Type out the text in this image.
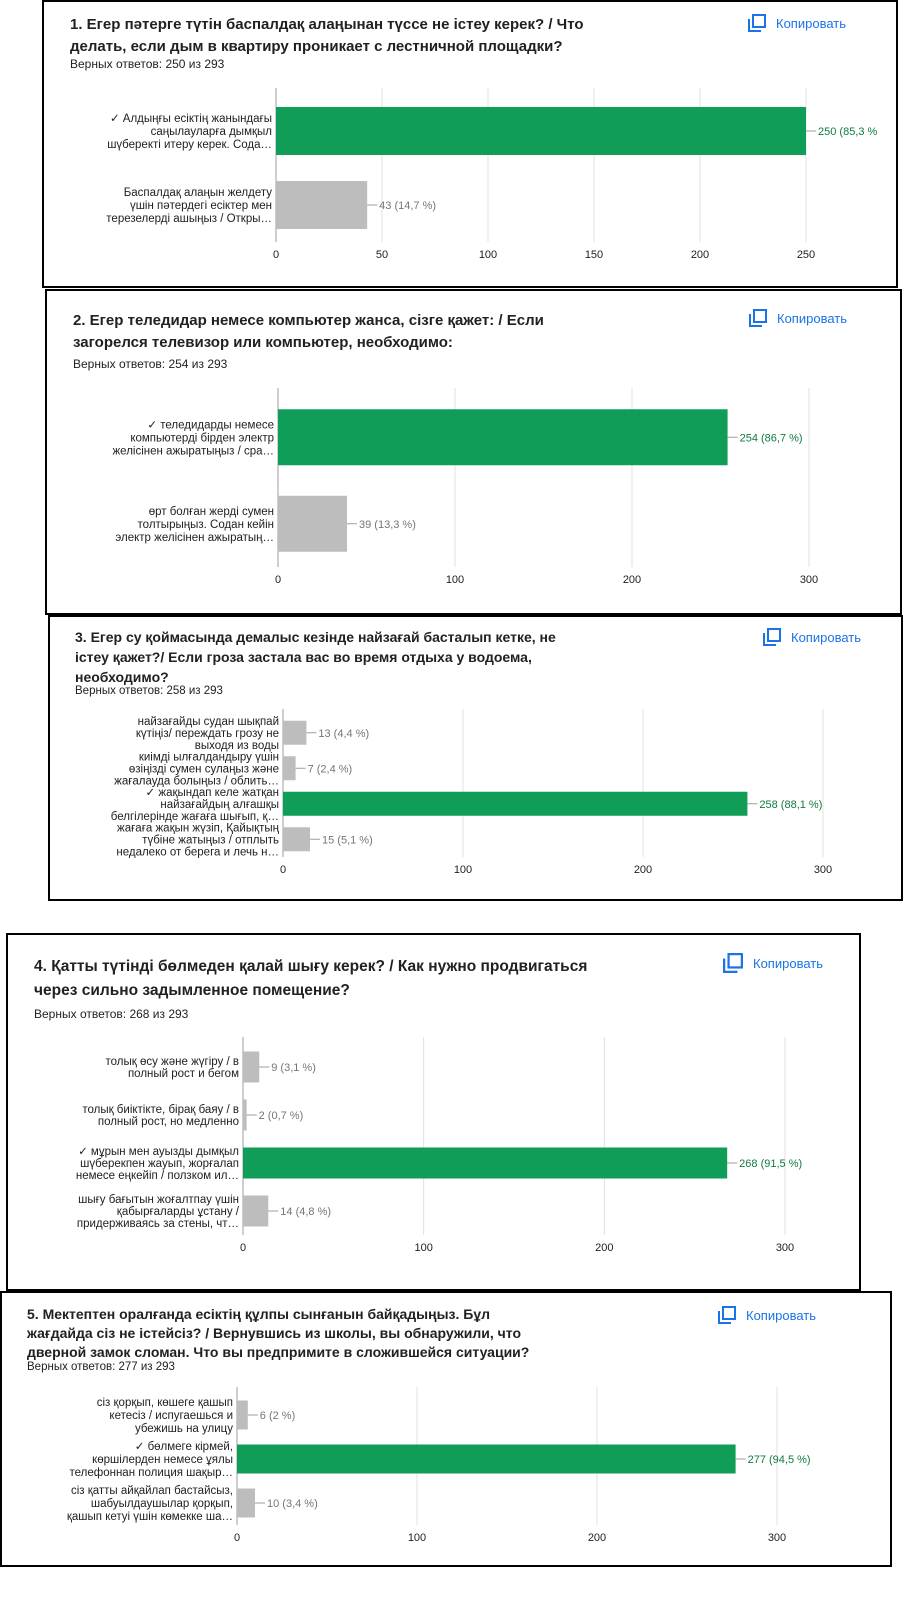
1. Егер пәтерге түтін баспалдақ алаңынан түссе не істеу керек? / Что
делать, если дым в квартиру проникает с лестничной площадки?

Верных ответов: 250 из 293
Копировать
0	50	100	150	200	250
250 (85,3 %
✓ Алдыңғы есіктің жанындағы саңылауларға дымқыл шүберекті итеру керек. Сода…
43 (14,7 %)
Баспалдақ алаңын желдету үшін пәтердегі есіктер мен терезелерді ашыңыз / Откры…

2. Егер теледидар немесе компьютер жанса, сізге қажет: / Если
загорелся телевизор или компьютер, необходимо:

Верных ответов: 254 из 293
Копировать
0	100	200	300
254 (86,7 %)
✓ теледидарды немесе компьютерді бірден электр желісінен ажыратыңыз / сра…
39 (13,3 %)
өрт болған жерді сумен толтырыңыз. Содан кейін электр желісінен ажыратың…

3. Егер су қоймасында демалыс кезінде найзағай басталып кетке, не
істеу қажет?/ Если гроза застала вас во время отдыха у водоема,
необходимо?

Верных ответов: 258 из 293
Копировать
0	100	200	300
13 (4,4 %)
найзағайды судан шықпай күтіңіз/ переждать грозу не выходя из воды
7 (2,4 %)
киімді ылғалдандыру үшін өзіңізді сумен сулаңыз және жағалауда болыңыз / облить…
258 (88,1 %)
✓ жақындап келе жатқан найзағайдың алғашқы белгілерінде жағаға шығып, қ…
15 (5,1 %)
жағаға жақын жүзіп, Қайықтың түбіне жатыңыз / отплыть недалеко от берега и лечь н…

4. Қатты түтінді бөлмеден қалай шығу керек? / Как нужно продвигаться
через сильно задымленное помещение?

Верных ответов: 268 из 293
Копировать
0	100	200	300
9 (3,1 %)
толық өсу және жүгіру / в полный рост и бегом
2 (0,7 %)
толық биіктікте, бірақ баяу / в полный рост, но медленно
268 (91,5 %)
✓ мұрын мен ауызды дымқыл шүберекпен жауып, жорғалап немесе еңкейіп / ползком ил…
14 (4,8 %)
шығу бағытын жоғалтпау үшін қабырғаларды ұстану / придерживаясь за стены, чт…

5. Мектептен оралғанда есіктің құлпы сынғанын байқадыңыз. Бұл
жағдайда сіз не істейсіз? / Вернувшись из школы, вы обнаружили, что
дверной замок сломан. Что вы предпримите в сложившейся ситуации?

Верных ответов: 277 из 293
Копировать
0	100	200	300
6 (2 %)
сіз қорқып, көшеге қашып кетесіз / испугаешься и убежишь на улицу
277 (94,5 %)
✓ бөлмеге кірмей, көршілерден немесе ұялы телефоннан полиция шақыр…
10 (3,4 %)
сіз қатты айқайлап бастайсыз, шабуылдаушылар қорқып, қашып кетуі үшін көмекке ша…
